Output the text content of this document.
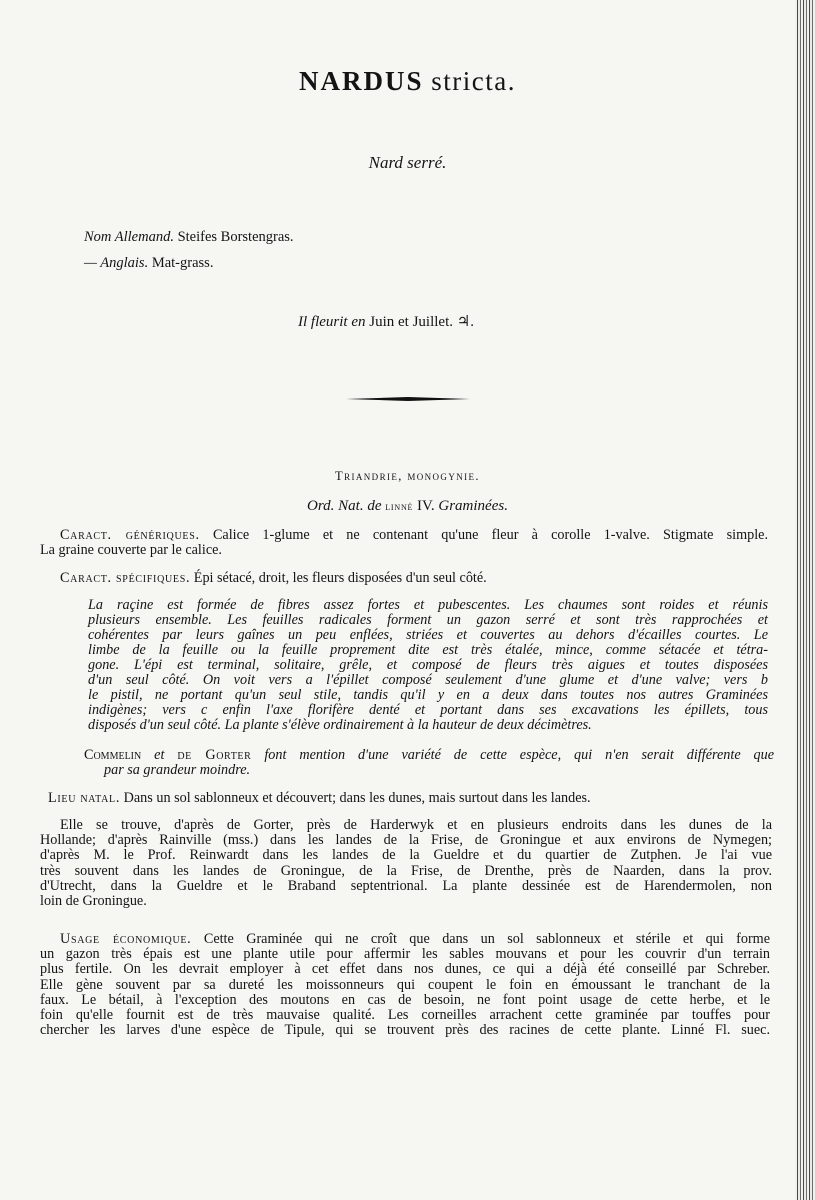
NARDUS stricta.
Nard serré.
Nom Allemand. Steifes Borstengras.
— Anglais. Mat-grass.
Il fleurit en Juin et Juillet. ♃.
Triandrie, monogynie.
Ord. Nat. de linné IV. Graminées.
Caract. génériques. Calice 1-glume et ne contenant qu'une fleur à corolle 1-valve. Stigmate simple.
La graine couverte par le calice.
Caract. spécifiques. Épi sétacé, droit, les fleurs disposées d'un seul côté.
La raçine est formée de fibres assez fortes et pubescentes. Les chaumes sont roides et réunis
plusieurs ensemble. Les feuilles radicales forment un gazon serré et sont très rapprochées et
cohérentes par leurs gaînes un peu enflées, striées et couvertes au dehors d'écailles courtes. Le
limbe de la feuille ou la feuille proprement dite est très étalée, mince, comme sétacée et tétra-
gone. L'épi est terminal, solitaire, grêle, et composé de fleurs très aigues et toutes disposées
d'un seul côté. On voit vers a l'épillet composé seulement d'une glume et d'une valve; vers b
le pistil, ne portant qu'un seul stile, tandis qu'il y en a deux dans toutes nos autres Graminées
indigènes; vers c enfin l'axe florifère denté et portant dans ses excavations les épillets, tous
disposés d'un seul côté. La plante s'élève ordinairement à la hauteur de deux décimètres.
Commelin et de Gorter font mention d'une variété de cette espèce, qui n'en serait différente que
par sa grandeur moindre.
Lieu natal. Dans un sol sablonneux et découvert; dans les dunes, mais surtout dans les landes.
Elle se trouve, d'après de Gorter, près de Harderwyk et en plusieurs endroits dans les dunes de la
Hollande; d'après Rainville (mss.) dans les landes de la Frise, de Groningue et aux environs de Nymegen;
d'après M. le Prof. Reinwardt dans les landes de la Gueldre et du quartier de Zutphen. Je l'ai vue
très souvent dans les landes de Groningue, de la Frise, de Drenthe, près de Naarden, dans la prov.
d'Utrecht, dans la Gueldre et le Braband septentrional. La plante dessinée est de Harendermolen, non
loin de Groningue.
Usage économique. Cette Graminée qui ne croît que dans un sol sablonneux et stérile et qui forme
un gazon très épais est une plante utile pour affermir les sables mouvans et pour les couvrir d'un terrain
plus fertile. On les devrait employer à cet effet dans nos dunes, ce qui a déjà été conseillé par Schreber.
Elle gène souvent par sa dureté les moissonneurs qui coupent le foin en émoussant le tranchant de la
faux. Le bétail, à l'exception des moutons en cas de besoin, ne font point usage de cette herbe, et le
foin qu'elle fournit est de très mauvaise qualité. Les corneilles arrachent cette graminée par touffes pour
chercher les larves d'une espèce de Tipule, qui se trouvent près des racines de cette plante. Linné Fl. suec.
